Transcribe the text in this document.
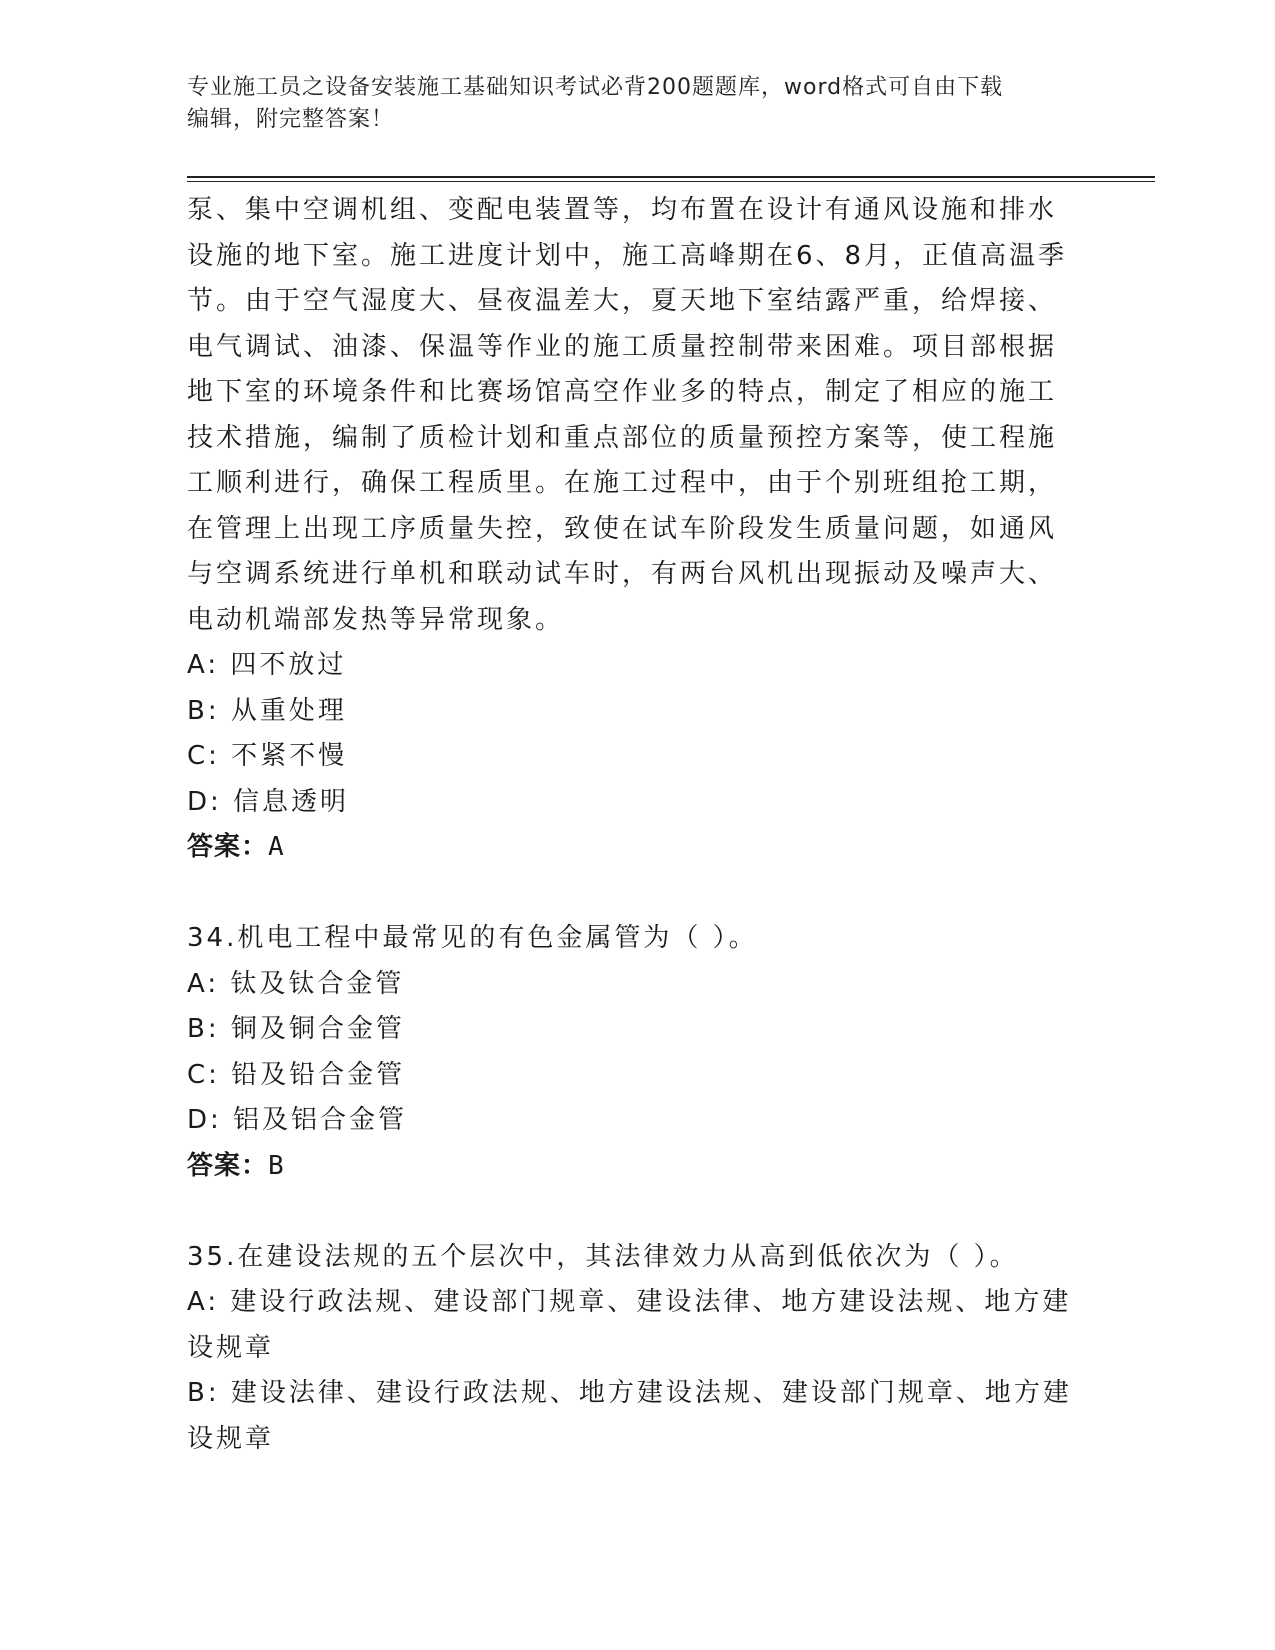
专业施工员之设备安装施工基础知识考试必背200题题库，word格式可自由下载
编辑，附完整答案！
泵、集中空调机组、变配电装置等，均布置在设计有通风设施和排水
设施的地下室。施工进度计划中，施工高峰期在6、8月，正值高温季
节。由于空气湿度大、昼夜温差大，夏天地下室结露严重，给焊接、
电气调试、油漆、保温等作业的施工质量控制带来困难。项目部根据
地下室的环境条件和比赛场馆高空作业多的特点，制定了相应的施工
技术措施，编制了质检计划和重点部位的质量预控方案等，使工程施
工顺利进行，确保工程质里。在施工过程中，由于个别班组抢工期，
在管理上出现工序质量失控，致使在试车阶段发生质量问题，如通风
与空调系统进行单机和联动试车时，有两台风机出现振动及噪声大、
电动机端部发热等异常现象。
A: 四不放过
B: 从重处理
C: 不紧不慢
D: 信息透明
答案：A
34.机电工程中最常见的有色金属管为（ ）。
A: 钛及钛合金管
B: 铜及铜合金管
C: 铅及铅合金管
D: 铝及铝合金管
答案：B
35.在建设法规的五个层次中，其法律效力从高到低依次为（ ）。
A: 建设行政法规、建设部门规章、建设法律、地方建设法规、地方建
设规章
B: 建设法律、建设行政法规、地方建设法规、建设部门规章、地方建
设规章
